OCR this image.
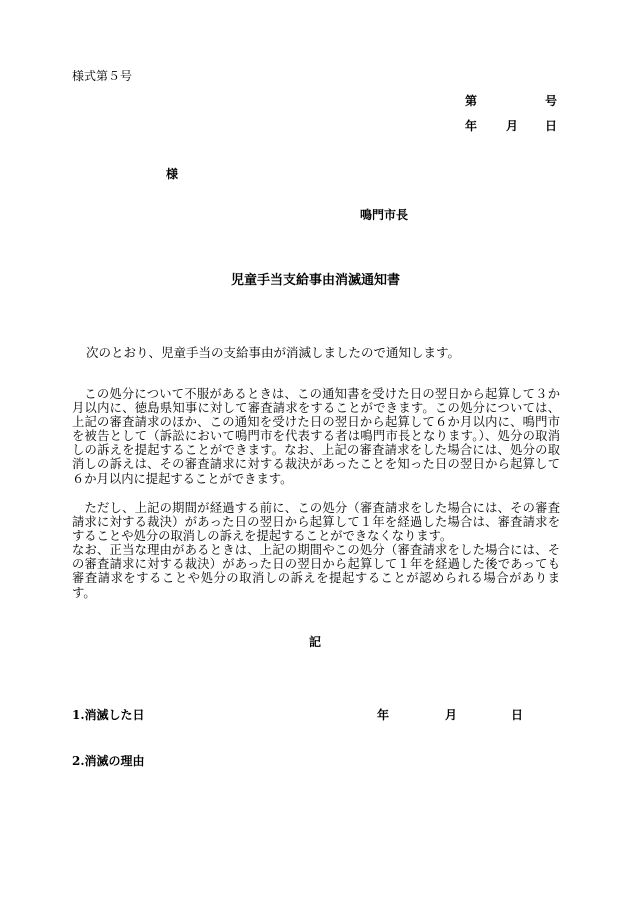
様式第５号
第	号
年 月 日
様
鳴門市長
児童手当支給事由消滅通知書
次のとおり、児童手当の支給事由が消滅しましたので通知します。
この処分について不服があるときは、この通知書を受けた日の翌日から起算して３か月以内に、徳島県知事に対して審査請求をすることができます。この処分については、上記の審査請求のほか、この通知を受けた日の翌日から起算して６か月以内に、鳴門市を被告として（訴訟において鳴門市を代表する者は鳴門市長となります。）、処分の取消しの訴えを提起することができます。なお、上記の審査請求をした場合には、処分の取消しの訴えは、その審査請求に対する裁決があったことを知った日の翌日から起算して６か月以内に提起することができます。
　ただし、上記の期間が経過する前に、この処分（審査請求をした場合には、その審査請求に対する裁決）があった日の翌日から起算して１年を経過した場合は、審査請求をすることや処分の取消しの訴えを提起することができなくなります。
なお、正当な理由があるときは、上記の期間やこの処分（審査請求をした場合には、その審査請求に対する裁決）があった日の翌日から起算して１年を経過した後であっても審査請求をすることや処分の取消しの訴えを提起することが認められる場合があります。
記
1.消滅した日	年	月	日
2.消滅の理由
